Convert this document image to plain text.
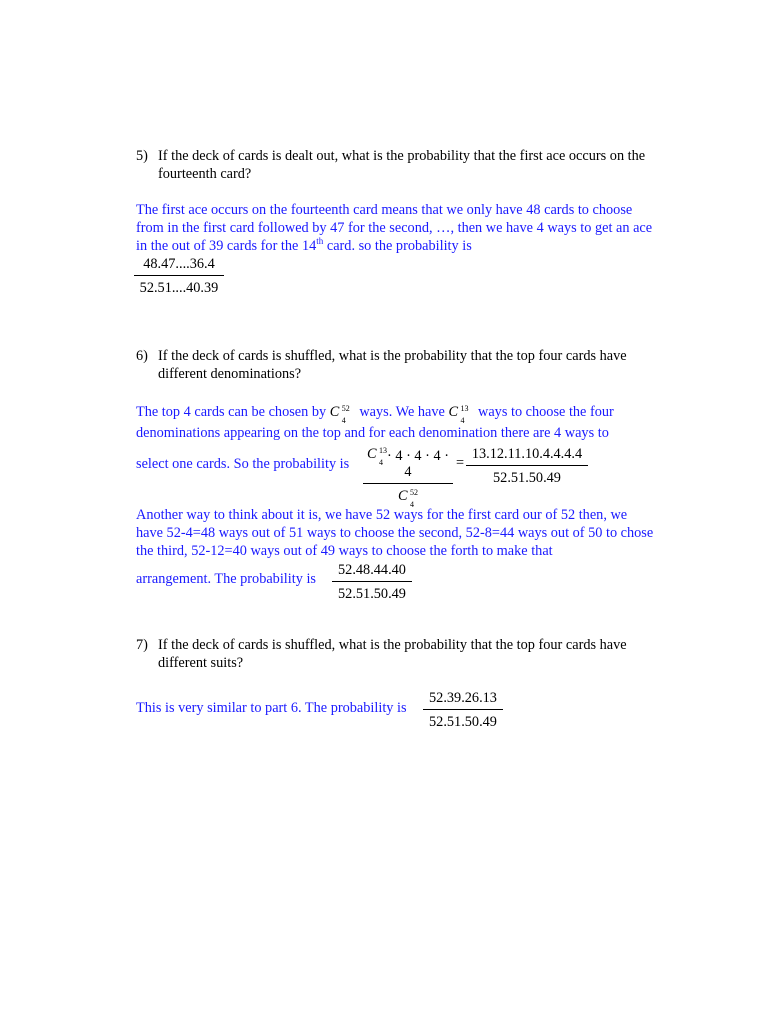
5) If the deck of cards is dealt out, what is the probability that the first ace occurs on the fourteenth card?
The first ace occurs on the fourteenth card means that we only have 48 cards to choose from in the first card followed by 47 for the second, …, then we have 4 ways to get an ace in the out of 39 cards for the 14th card. so the probability is
$\frac{48.47....36.4}{52.51....40.39}$
6) If the deck of cards is shuffled, what is the probability that the top four cards have different denominations?
The top 4 cards can be chosen by C 52
4
ways. We have C 13
4
ways to choose the four
denominations appearing on the top and for each denomination there are 4 ways to
select one cards. So the probability is C 13
4 · 4 · 4 · 4 · 4
C 52
$4 = \frac{13.12.11.10.4.4.4.4}{52.51.50.49}$
Another way to think about it is, we have 52 ways for the first card our of 52 then, we have 52-4=48 ways out of 51 ways to choose the second, 52-8=44 ways out of 50 to chose the third, 52-12=40 ways out of 49 ways to choose the forth to make that
arrangement. The probability is $\frac{52.48.44.40}{52.51.50.49}$
7) If the deck of cards is shuffled, what is the probability that the top four cards have different suits?
This is very similar to part 6. The probability is $\frac{52.39.26.13}{52.51.50.49}$
